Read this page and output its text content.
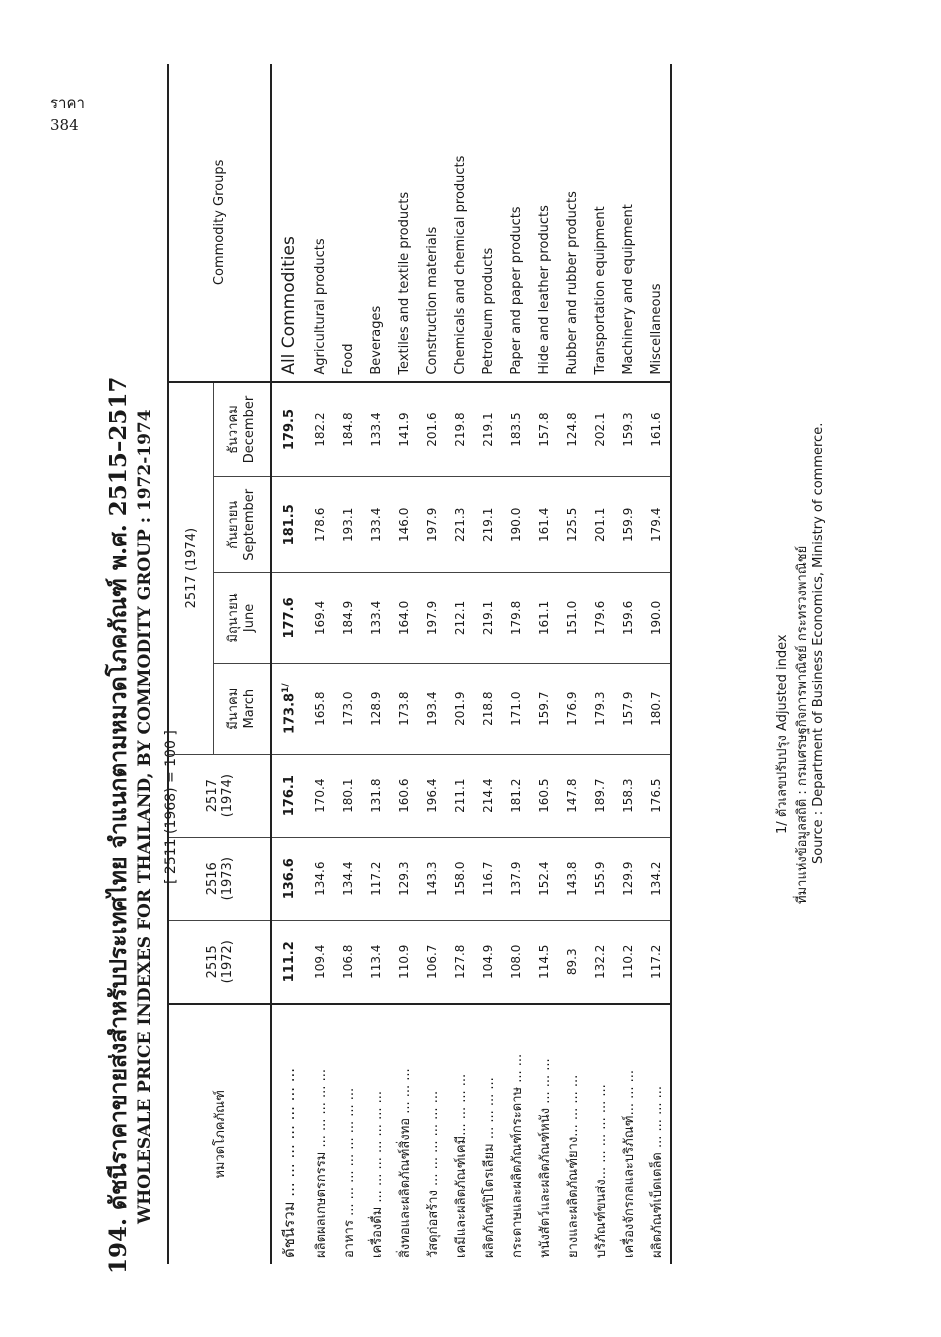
ราคา
384
194. ดัชนีราคาขายส่งสำหรับประเทศไทย จำแนกตามหมวดโภคภัณฑ์ พ.ศ. 2515–2517 WHOLESALE PRICE INDEXES FOR THAILAND, BY COMMODITY GROUP : 1972-1974 [ 2511 (1968) = 100 ]
หมวดโภคภัณฑ์	2515 (1972)	2516 (1973)	2517 (1974)	2517 (1974)				Commodity Groups
				มีนาคม March	มิถุนายน June	กันยายน September	ธันวาคม December	
ดัชนีรวม ... ... ... ... ... ... ...	111.2	136.6	176.1	$173.8^{1/}$	177.6	181.5	179.5	All Commodities
ผลิตผลเกษตรกรรม ... ... ... ... ...	109.4	134.6	170.4	165.8	169.4	178.6	182.2	Agricultural products
อาหาร ... ... ... ... ... ... ... ...	106.8	134.4	180.1	173.0	184.9	193.1	184.8	Food
เครื่องดื่ม ... ... ... ... ... ... ...	113.4	117.2	131.8	128.9	133.4	133.4	133.4	Beverages
สิ่งทอและผลิตภัณฑ์สิ่งทอ ... ... ...	110.9	129.3	160.6	173.8	164.0	146.0	141.9	Textiles and textile products
วัสดุก่อสร้าง ... ... ... ... ... ...	106.7	143.3	196.4	193.4	197.9	197.9	201.6	Construction materials
เคมีและผลิตภัณฑ์เคมี... ... ... ...	127.8	158.0	211.1	201.9	212.1	221.3	219.8	Chemicals and chemical products
ผลิตภัณฑ์ปิโตรเลียม ... ... ... ...	104.9	116.7	214.4	218.8	219.1	219.1	219.1	Petroleum products
กระดาษและผลิตภัณฑ์กระดาษ ... ...	108.0	137.9	181.2	171.0	179.8	190.0	183.5	Paper and paper products
หนังสัตว์และผลิตภัณฑ์หนัง ... ... ...	114.5	152.4	160.5	159.7	161.1	161.4	157.8	Hide and leather products
ยางและผลิตภัณฑ์ยาง... ... ... ...	89.3	143.8	147.8	176.9	151.0	125.5	124.8	Rubber and rubber products
บริภัณฑ์ขนส่ง... ... ... ... ... ...	132.2	155.9	189.7	179.3	179.6	201.1	202.1	Transportation equipment
เครื่องจักรกลและบริภัณฑ์... ... ...	110.2	129.9	158.3	157.9	159.6	159.9	159.3	Machinery and equipment
ผลิตภัณฑ์เบ็ดเตล็ด ... ... ... ...	117.2	134.2	176.5	180.7	190.0	179.4	161.6	Miscellaneous
1/ ตัวเลขปรับปรุง Adjusted index ที่มาแห่งข้อมูลสถิติ : กรมเศรษฐกิจการพาณิชย์ กระทรวงพาณิชย์ Source : Department of Business Economics, Ministry of commerce.
